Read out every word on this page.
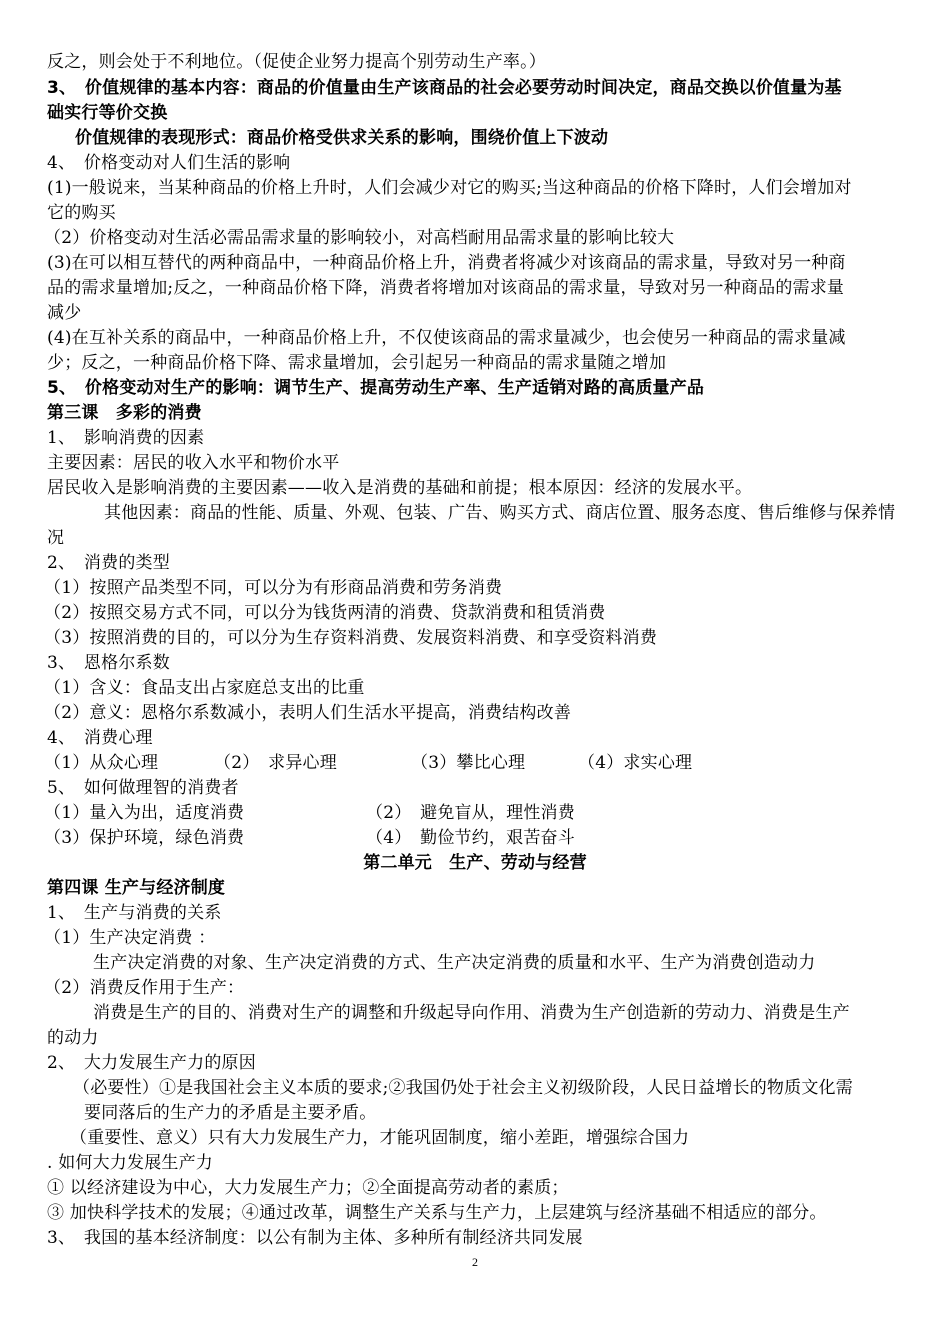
反之，则会处于不利地位。（促使企业努力提高个别劳动生产率。）
3、　价值规律的基本内容：商品的价值量由生产该商品的社会必要劳动时间决定，商品交换以价值量为基
础实行等价交换
价值规律的表现形式：商品价格受供求关系的影响，围绕价值上下波动
4、　价格变动对人们生活的影响
(1)一般说来，当某种商品的价格上升时，人们会减少对它的购买;当这种商品的价格下降时，人们会增加对
它的购买
（2）价格变动对生活必需品需求量的影响较小，对高档耐用品需求量的影响比较大
(3)在可以相互替代的两种商品中，一种商品价格上升，消费者将减少对该商品的需求量，导致对另一种商
品的需求量增加;反之，一种商品价格下降，消费者将增加对该商品的需求量，导致对另一种商品的需求量
减少
(4)在互补关系的商品中，一种商品价格上升，不仅使该商品的需求量减少，也会使另一种商品的需求量减
少；反之，一种商品价格下降、需求量增加，会引起另一种商品的需求量随之增加
5、　价格变动对生产的影响：调节生产、提高劳动生产率、生产适销对路的高质量产品
第三课　多彩的消费
1、　影响消费的因素
主要因素：居民的收入水平和物价水平
居民收入是影响消费的主要因素——收入是消费的基础和前提；根本原因：经济的发展水平。
其他因素：商品的性能、质量、外观、包装、广告、购买方式、商店位置、服务态度、售后维修与保养情
况
2、　消费的类型
（1）按照产品类型不同，可以分为有形商品消费和劳务消费
（2）按照交易方式不同，可以分为钱货两清的消费、贷款消费和租赁消费
（3）按照消费的目的，可以分为生存资料消费、发展资料消费、和享受资料消费
3、　恩格尔系数
（1）含义：食品支出占家庭总支出的比重
（2）意义：恩格尔系数减小，表明人们生活水平提高，消费结构改善
4、　消费心理
（1）从众心理	（2）　求异心理	（3）攀比心理	（4）求实心理
5、　如何做理智的消费者
（1）量入为出，适度消费	（2）　避免盲从，理性消费
（3）保护环境，绿色消费	（4）　勤俭节约，艰苦奋斗
第二单元　生产、劳动与经营
第四课 生产与经济制度
1、　生产与消费的关系
（1）生产决定消费 ：
生产决定消费的对象、生产决定消费的方式、生产决定消费的质量和水平、生产为消费创造动力
（2）消费反作用于生产：
消费是生产的目的、消费对生产的调整和升级起导向作用、消费为生产创造新的劳动力、消费是生产
的动力
2、　大力发展生产力的原因
（必要性）①是我国社会主义本质的要求;②我国仍处于社会主义初级阶段，人民日益增长的物质文化需
要同落后的生产力的矛盾是主要矛盾。
（重要性、意义）只有大力发展生产力，才能巩固制度，缩小差距，增强综合国力
. 如何大力发展生产力
① 以经济建设为中心，大力发展生产力；②全面提高劳动者的素质；
③ 加快科学技术的发展；④通过改革，调整生产关系与生产力，上层建筑与经济基础不相适应的部分。
3、　我国的基本经济制度：以公有制为主体、多种所有制经济共同发展
2
